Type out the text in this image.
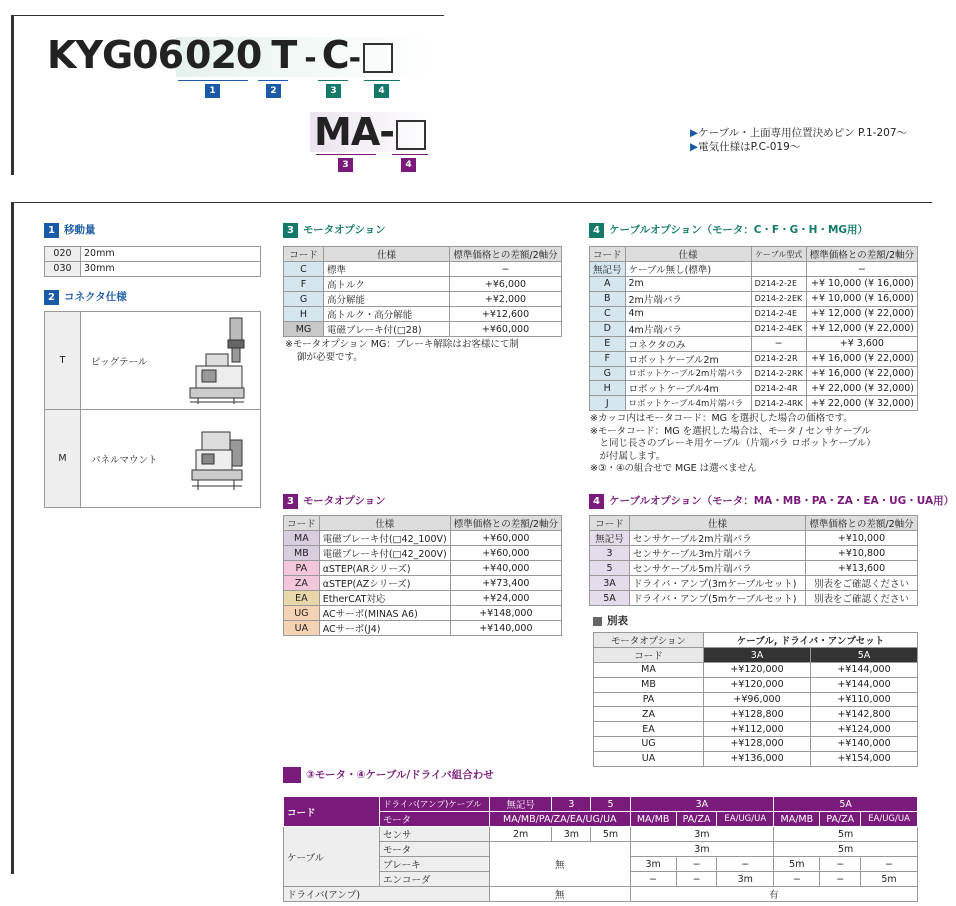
KYG06020 T - C-
1	2	3	4
MA-
3	4
▶ケーブル・上面専用位置決めピン P.1-207〜
▶電気仕様はP.C-019〜
1 移動量
020	20mm
030	30mm
2 コネクタ仕様
T	ピッグテール
M	パネルマウント
3 モータオプション
コード	仕様	標準価格との差額/2軸分
C	標準	−
F	高トルク	+¥6,000
G	高分解能	+¥2,000
H	高トルク・高分解能	+¥12,600
MG	電磁ブレーキ付(□28)	+¥60,000
※モータオプション MG：ブレーキ解除はお客様にて制
御が必要です。
3 モータオプション
コード	仕様	標準価格との差額/2軸分
MA	電磁ブレーキ付(□42_100V)	+¥60,000
MB	電磁ブレーキ付(□42_200V)	+¥60,000
PA	αSTEP(ARシリーズ)	+¥40,000
ZA	αSTEP(AZシリーズ)	+¥73,400
EA	EtherCAT対応	+¥24,000
UG	ACサーボ(MINAS A6)	+¥148,000
UA	ACサーボ(J4)	+¥140,000
4 ケーブルオプション（モータ：C・F・G・H・MG用）
コード	仕様	ケーブル型式	標準価格との差額/2軸分
無記号	ケーブル無し(標準)		−
A	2m	D214-2-2E	+¥ 10,000 (¥ 16,000)
B	2m片端バラ	D214-2-2EK	+¥ 10,000 (¥ 16,000)
C	4m	D214-2-4E	+¥ 12,000 (¥ 22,000)
D	4m片端バラ	D214-2-4EK	+¥ 12,000 (¥ 22,000)
E	コネクタのみ	−	+¥ 3,600
F	ロボットケーブル2m	D214-2-2R	+¥ 16,000 (¥ 22,000)
G	ロボットケーブル2m片端バラ	D214-2-2RK	+¥ 16,000 (¥ 22,000)
H	ロボットケーブル4m	D214-2-4R	+¥ 22,000 (¥ 32,000)
J	ロボットケーブル4m片端バラ	D214-2-4RK	+¥ 22,000 (¥ 32,000)
※カッコ内はモータコード：MG を選択した場合の価格です。
※モータコード：MG を選択した場合は、モータ / センサケーブル
　と同じ長さのブレーキ用ケーブル（片端バラ ロボットケーブル）
　が付属します。
※③・④の組合せで MGE は選べません
4 ケーブルオプション（モータ：MA・MB・PA・ZA・EA・UG・UA用）
コード	仕様	標準価格との差額/2軸分
無記号	センサケーブル2m片端バラ	+¥10,000
3	センサケーブル3m片端バラ	+¥10,800
5	センサケーブル5m片端バラ	+¥13,600
3A	ドライバ・アンプ(3mケーブルセット)	別表をご確認ください
5A	ドライバ・アンプ(5mケーブルセット)	別表をご確認ください
別表
モータオプション	ケーブル, ドライバ・アンプセット	
コード	3A	5A
MA	+¥120,000	+¥144,000
MB	+¥120,000	+¥144,000
PA	+¥96,000	+¥110,000
ZA	+¥128,800	+¥142,800
EA	+¥112,000	+¥124,000
UG	+¥128,000	+¥140,000
UA	+¥136,000	+¥154,000
③モータ・④ケーブル/ドライバ組合わせ
コード	ドライバ(アンプ)ケーブル	無記号	3	5	3A			5A		
	モータ	MA/MB/PA/ZA/EA/UG/UA			MA/MB	PA/ZA	EA/UG/UA	MA/MB	PA/ZA	EA/UG/UA
ケーブル	センサ	2m	3m	5m	3m			5m		
	モータ	無			3m			5m		
	ブレーキ				3m	−	−	5m	−	−
	エンコーダ				−	−	3m	−	−	5m
ドライバ(アンプ)		無			有					
